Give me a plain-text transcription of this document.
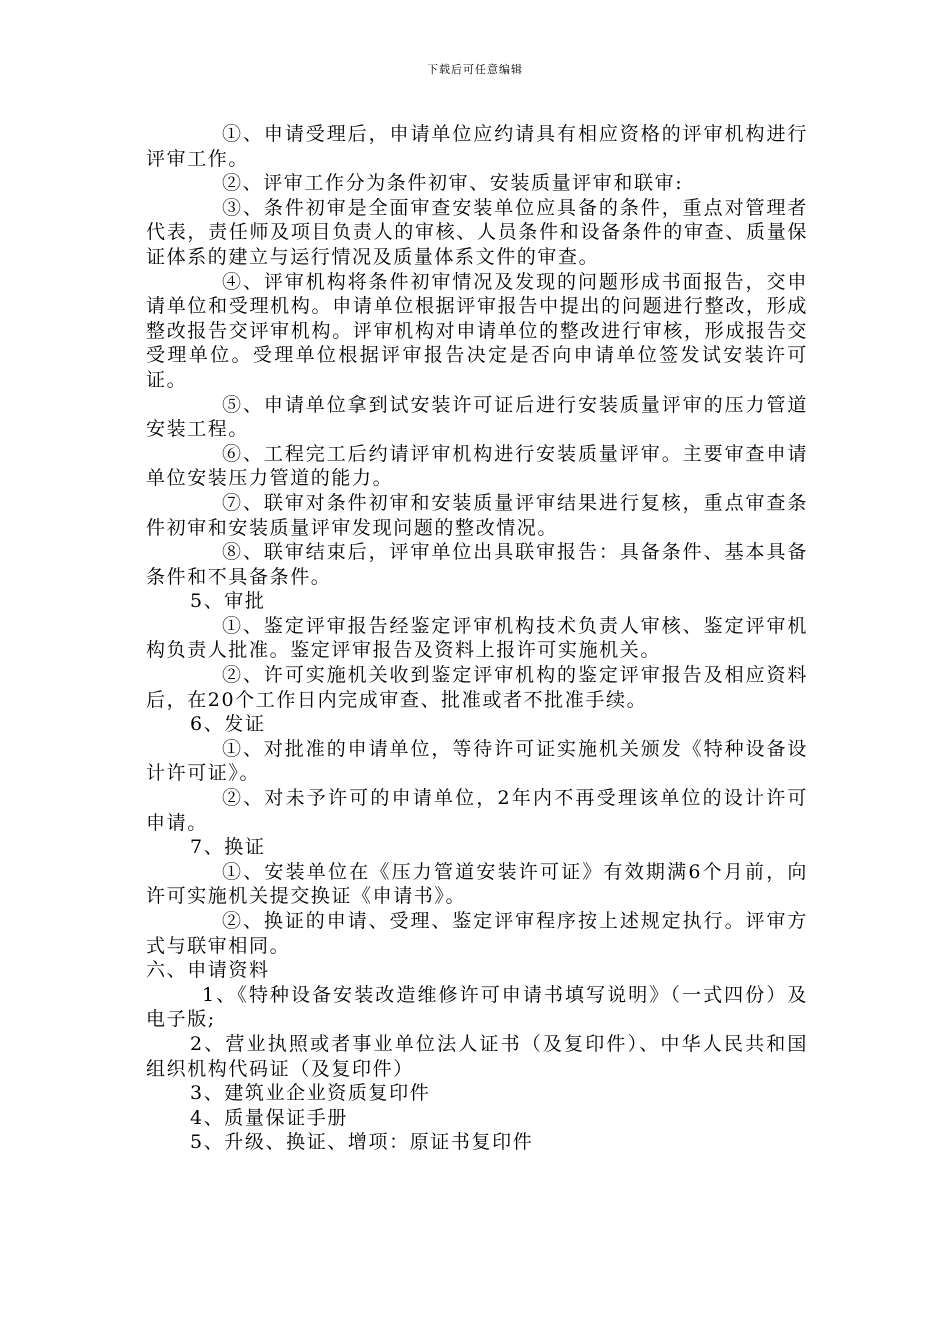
下载后可任意编辑

①、申请受理后，申请单位应约请具有相应资格的评审机构进行评审工作。

②、评审工作分为条件初审、安装质量评审和联审:

③、条件初审是全面审查安装单位应具备的条件，重点对管理者代表，责任师及项目负责人的审核、人员条件和设备条件的审查、质量保证体系的建立与运行情况及质量体系文件的审查。

④、评审机构将条件初审情况及发现的问题形成书面报告，交申请单位和受理机构。申请单位根据评审报告中提出的问题进行整改，形成整改报告交评审机构。评审机构对申请单位的整改进行审核，形成报告交受理单位。受理单位根据评审报告决定是否向申请单位签发试安装许可证。

⑤、申请单位拿到试安装许可证后进行安装质量评审的压力管道安装工程。

⑥、工程完工后约请评审机构进行安装质量评审。主要审查申请单位安装压力管道的能力。

⑦、联审对条件初审和安装质量评审结果进行复核，重点审查条件初审和安装质量评审发现问题的整改情况。

⑧、联审结束后，评审单位出具联审报告：具备条件、基本具备条件和不具备条件。

5、审批

①、鉴定评审报告经鉴定评审机构技术负责人审核、鉴定评审机构负责人批准。鉴定评审报告及资料上报许可实施机关。

②、许可实施机关收到鉴定评审机构的鉴定评审报告及相应资料后，在20个工作日内完成审查、批准或者不批准手续。

6、发证

①、对批准的申请单位，等待许可证实施机关颁发《特种设备设计许可证》。

②、对未予许可的申请单位，2年内不再受理该单位的设计许可申请。

7、换证

①、安装单位在《压力管道安装许可证》有效期满6个月前，向许可实施机关提交换证《申请书》。

②、换证的申请、受理、鉴定评审程序按上述规定执行。评审方式与联审相同。

六、申请资料

1、《特种设备安装改造维修许可申请书填写说明》（一式四份）及电子版;

2、营业执照或者事业单位法人证书（及复印件）、中华人民共和国组织机构代码证（及复印件）

3、建筑业企业资质复印件

4、质量保证手册

5、升级、换证、增项：原证书复印件
